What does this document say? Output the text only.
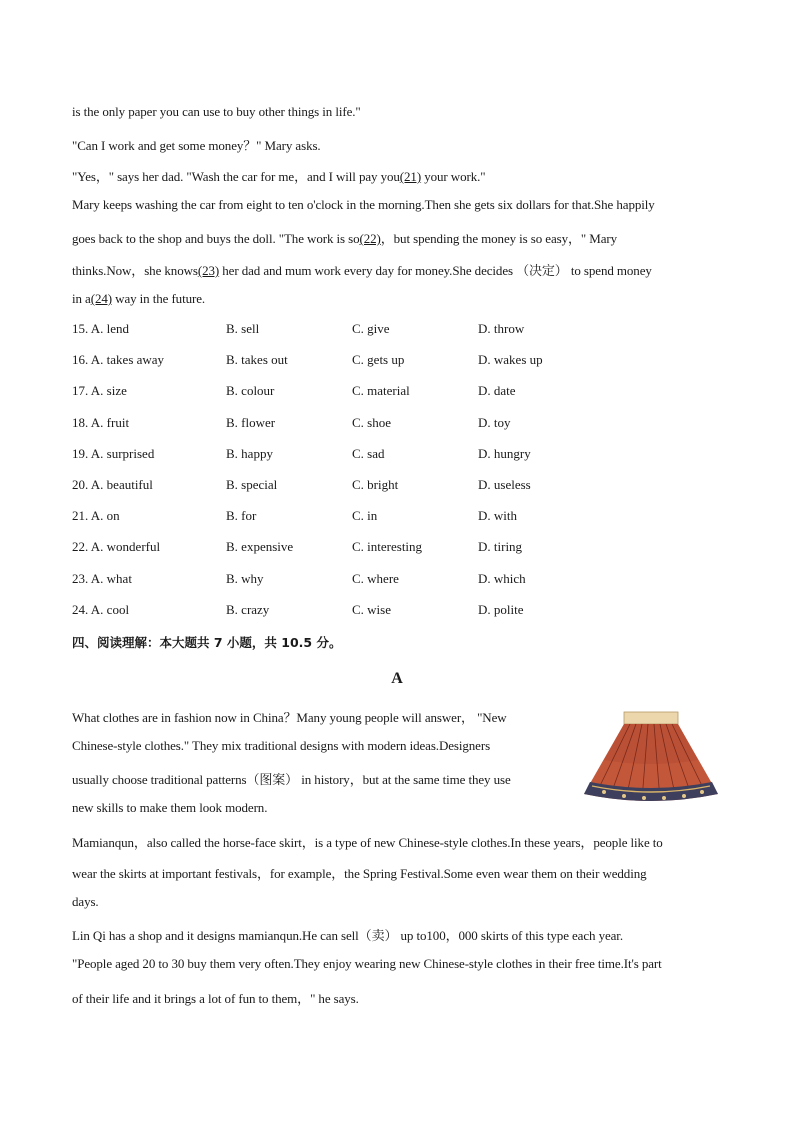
is the only paper you can use to buy other things in life."
"Can I work and get some money？" Mary asks.
"Yes，" says her dad. "Wash the car for me，and I will pay you(21) your work."
Mary keeps washing the car from eight to ten o'clock in the morning.Then she gets six dollars for that.She happily
goes back to the shop and buys the doll. "The work is so(22)，but spending the money is so easy，" Mary
thinks.Now，she knows(23) her dad and mum work every day for money.She decides （决定） to spend money
in a(24) way in the future.
15. A. lend	B. sell	C. give	D. throw
16. A. takes away	B. takes out	C. gets up	D. wakes up
17. A. size	B. colour	C. material	D. date
18. A. fruit	B. flower	C. shoe	D. toy
19. A. surprised	B. happy	C. sad	D. hungry
20. A. beautiful	B. special	C. bright	D. useless
21. A. on	B. for	C. in	D. with
22. A. wonderful	B. expensive	C. interesting	D. tiring
23. A. what	B. why	C. where	D. which
24. A. cool	B. crazy	C. wise	D. polite
四、阅读理解：本大题共 7 小题，共 10.5 分。
A
What clothes are in fashion now in China？Many young people will answer， "New
Chinese-style clothes." They mix traditional designs with modern ideas.Designers
usually choose traditional patterns（图案） in history，but at the same time they use
new skills to make them look modern.
Mamianqun，also called the horse-face skirt，is a type of new Chinese-style clothes.In these years，people like to
wear the skirts at important festivals，for example，the Spring Festival.Some even wear them on their wedding
days.
Lin Qi has a shop and it designs mamianqun.He can sell（卖） up to100，000 skirts of this type each year.
"People aged 20 to 30 buy them very often.They enjoy wearing new Chinese-style clothes in their free time.It's part
of their life and it brings a lot of fun to them，" he says.
